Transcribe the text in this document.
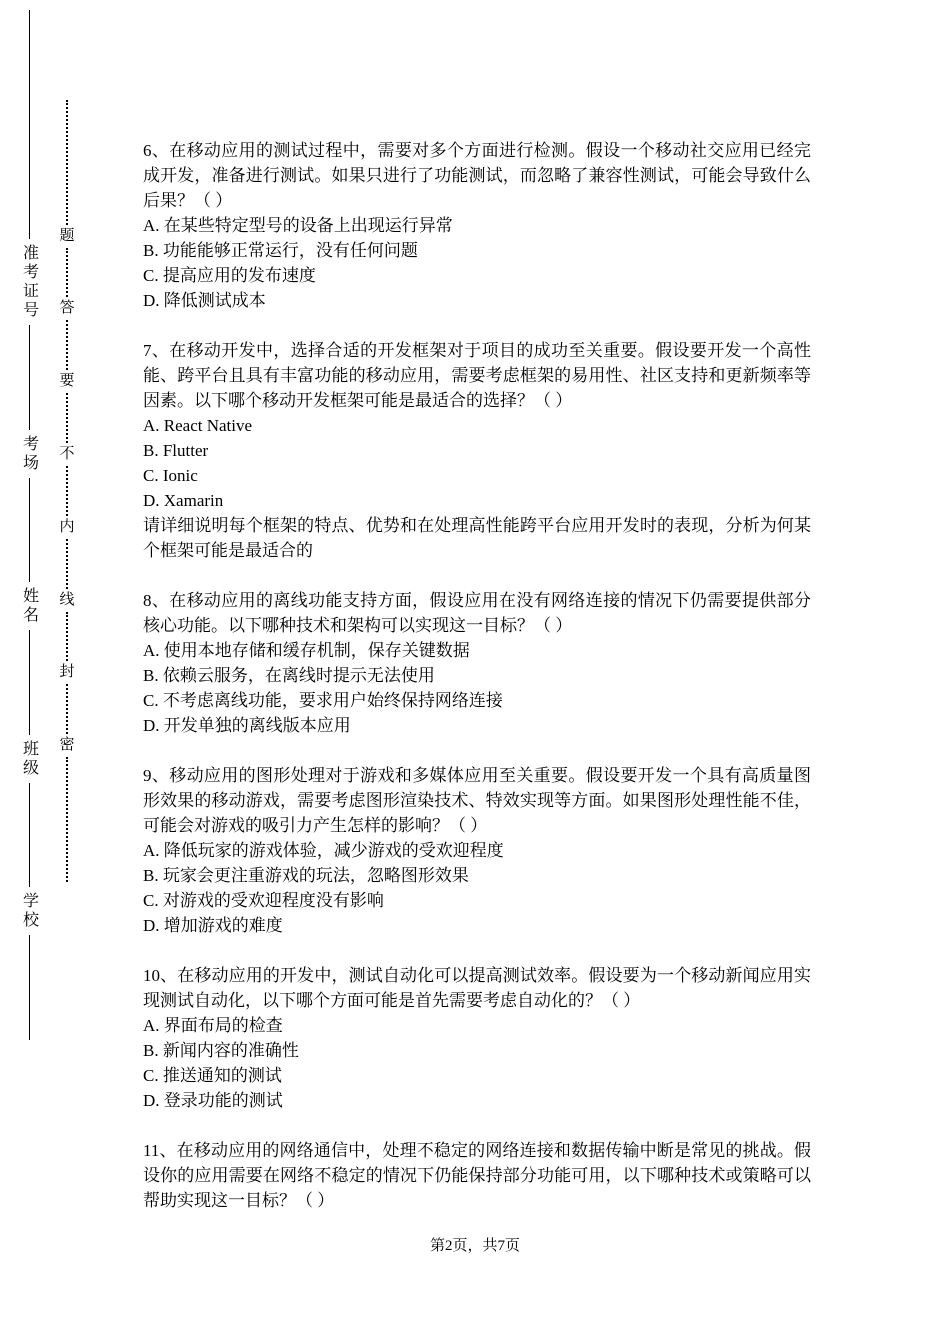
准考证号
考场
姓名
班级
学校
题
答
要
不
内
线
封
密
6、在移动应用的测试过程中，需要对多个方面进行检测。假设一个移动社交应用已经完成开发，准备进行测试。如果只进行了功能测试，而忽略了兼容性测试，可能会导致什么后果？（ ）
A. 在某些特定型号的设备上出现运行异常
B. 功能能够正常运行，没有任何问题
C. 提高应用的发布速度
D. 降低测试成本
7、在移动开发中，选择合适的开发框架对于项目的成功至关重要。假设要开发一个高性能、跨平台且具有丰富功能的移动应用，需要考虑框架的易用性、社区支持和更新频率等因素。以下哪个移动开发框架可能是最适合的选择？（ ）
A. React Native
B. Flutter
C. Ionic
D. Xamarin
请详细说明每个框架的特点、优势和在处理高性能跨平台应用开发时的表现，分析为何某个框架可能是最适合的
8、在移动应用的离线功能支持方面，假设应用在没有网络连接的情况下仍需要提供部分核心功能。以下哪种技术和架构可以实现这一目标？（ ）
A. 使用本地存储和缓存机制，保存关键数据
B. 依赖云服务，在离线时提示无法使用
C. 不考虑离线功能，要求用户始终保持网络连接
D. 开发单独的离线版本应用
9、移动应用的图形处理对于游戏和多媒体应用至关重要。假设要开发一个具有高质量图形效果的移动游戏，需要考虑图形渲染技术、特效实现等方面。如果图形处理性能不佳，可能会对游戏的吸引力产生怎样的影响？（ ）
A. 降低玩家的游戏体验，减少游戏的受欢迎程度
B. 玩家会更注重游戏的玩法，忽略图形效果
C. 对游戏的受欢迎程度没有影响
D. 增加游戏的难度
10、在移动应用的开发中，测试自动化可以提高测试效率。假设要为一个移动新闻应用实现测试自动化，以下哪个方面可能是首先需要考虑自动化的？（ ）
A. 界面布局的检查
B. 新闻内容的准确性
C. 推送通知的测试
D. 登录功能的测试
11、在移动应用的网络通信中，处理不稳定的网络连接和数据传输中断是常见的挑战。假设你的应用需要在网络不稳定的情况下仍能保持部分功能可用，以下哪种技术或策略可以帮助实现这一目标？（ ）
第2页，共7页
